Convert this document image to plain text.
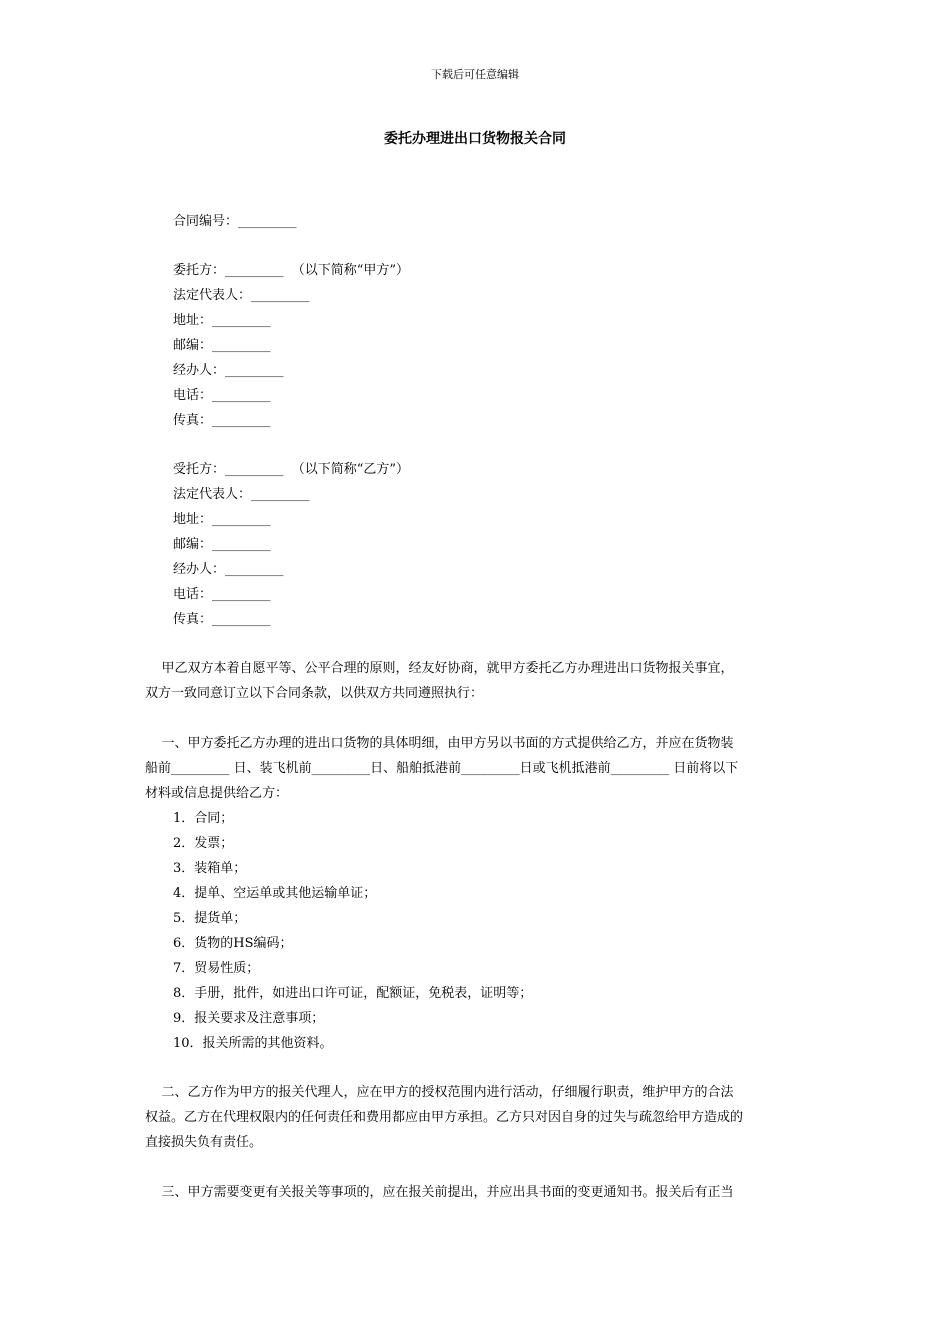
下载后可任意编辑
委托办理进出口货物报关合同
合同编号：_________
委托方：_________  （以下简称“甲方”）
法定代表人：_________
地址：_________
邮编：_________
经办人：_________
电话：_________
传真：_________
受托方：_________  （以下简称“乙方”）
法定代表人：_________
地址：_________
邮编：_________
经办人：_________
电话：_________
传真：_________
甲乙双方本着自愿平等、公平合理的原则，经友好协商，就甲方委托乙方办理进出口货物报关事宜，
双方一致同意订立以下合同条款，以供双方共同遵照执行：
一、甲方委托乙方办理的进出口货物的具体明细，由甲方另以书面的方式提供给乙方，并应在货物装
船前_________ 日、装飞机前_________日、船舶抵港前_________日或飞机抵港前_________ 日前将以下
材料或信息提供给乙方：
1．合同；
2．发票；
3．装箱单；
4．提单、空运单或其他运输单证；
5．提货单；
6．货物的HS编码；
7．贸易性质；
8．手册，批件，如进出口许可证，配额证，免税表，证明等；
9．报关要求及注意事项；
10．报关所需的其他资料。
二、乙方作为甲方的报关代理人，应在甲方的授权范围内进行活动，仔细履行职责，维护甲方的合法
权益。乙方在代理权限内的任何责任和费用都应由甲方承担。乙方只对因自身的过失与疏忽给甲方造成的
直接损失负有责任。
三、甲方需要变更有关报关等事项的，应在报关前提出，并应出具书面的变更通知书。报关后有正当
